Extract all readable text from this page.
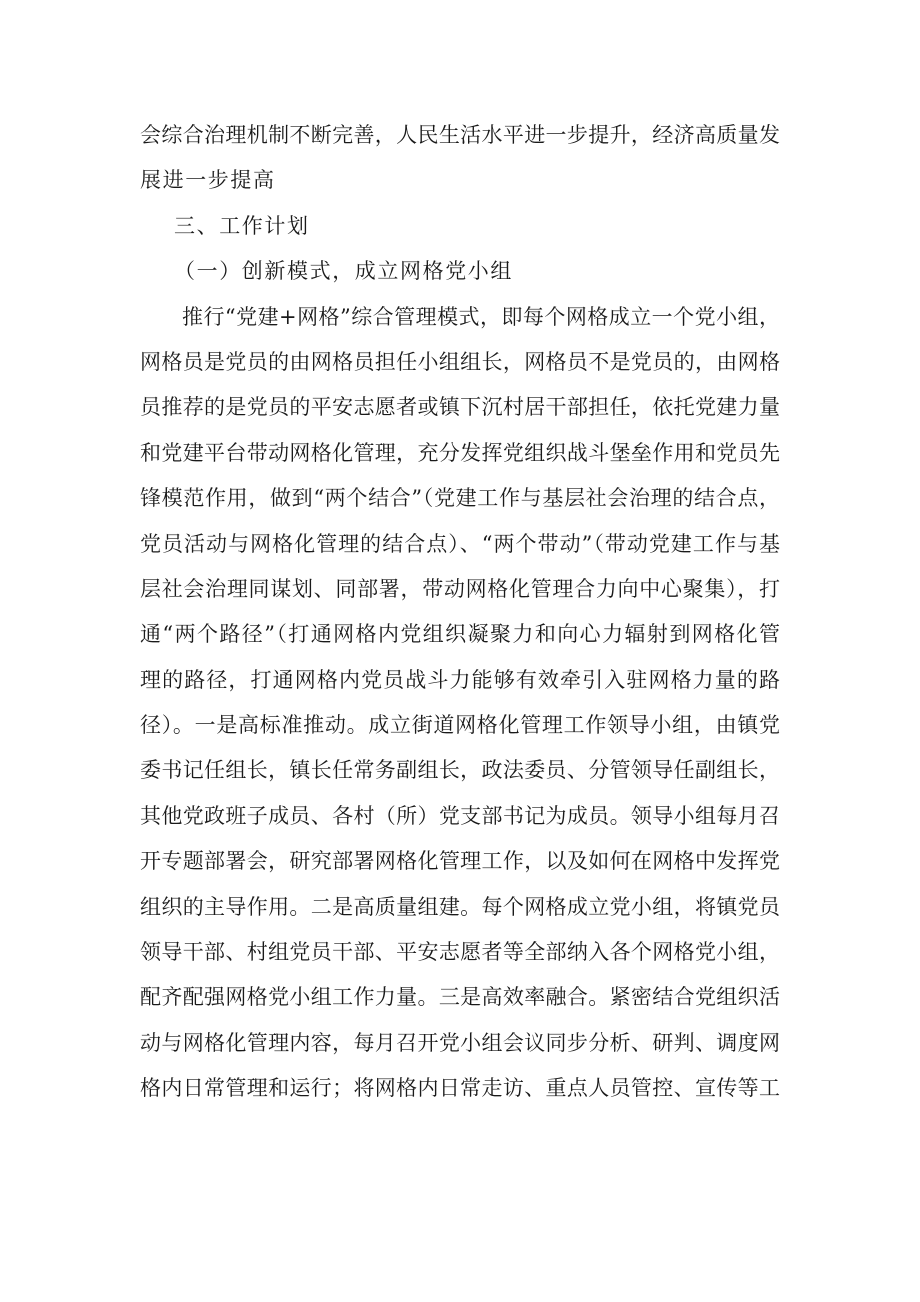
会综合治理机制不断完善，人民生活水平进一步提升，经济高质量发
展进一步提高
三、工作计划
（一）创新模式，成立网格党小组
推行“党建+网格”综合管理模式，即每个网格成立一个党小组，
网格员是党员的由网格员担任小组组长，网格员不是党员的，由网格
员推荐的是党员的平安志愿者或镇下沉村居干部担任，依托党建力量
和党建平台带动网格化管理，充分发挥党组织战斗堡垒作用和党员先
锋模范作用，做到“两个结合”（党建工作与基层社会治理的结合点，
党员活动与网格化管理的结合点）、“两个带动”（带动党建工作与基
层社会治理同谋划、同部署，带动网格化管理合力向中心聚集），打
通“两个路径”（打通网格内党组织凝聚力和向心力辐射到网格化管
理的路径，打通网格内党员战斗力能够有效牵引入驻网格力量的路
径）。一是高标准推动。成立街道网格化管理工作领导小组，由镇党
委书记任组长，镇长任常务副组长，政法委员、分管领导任副组长，
其他党政班子成员、各村（所）党支部书记为成员。领导小组每月召
开专题部署会，研究部署网格化管理工作，以及如何在网格中发挥党
组织的主导作用。二是高质量组建。每个网格成立党小组，将镇党员
领导干部、村组党员干部、平安志愿者等全部纳入各个网格党小组，
配齐配强网格党小组工作力量。三是高效率融合。紧密结合党组织活
动与网格化管理内容，每月召开党小组会议同步分析、研判、调度网
格内日常管理和运行；将网格内日常走访、重点人员管控、宣传等工
